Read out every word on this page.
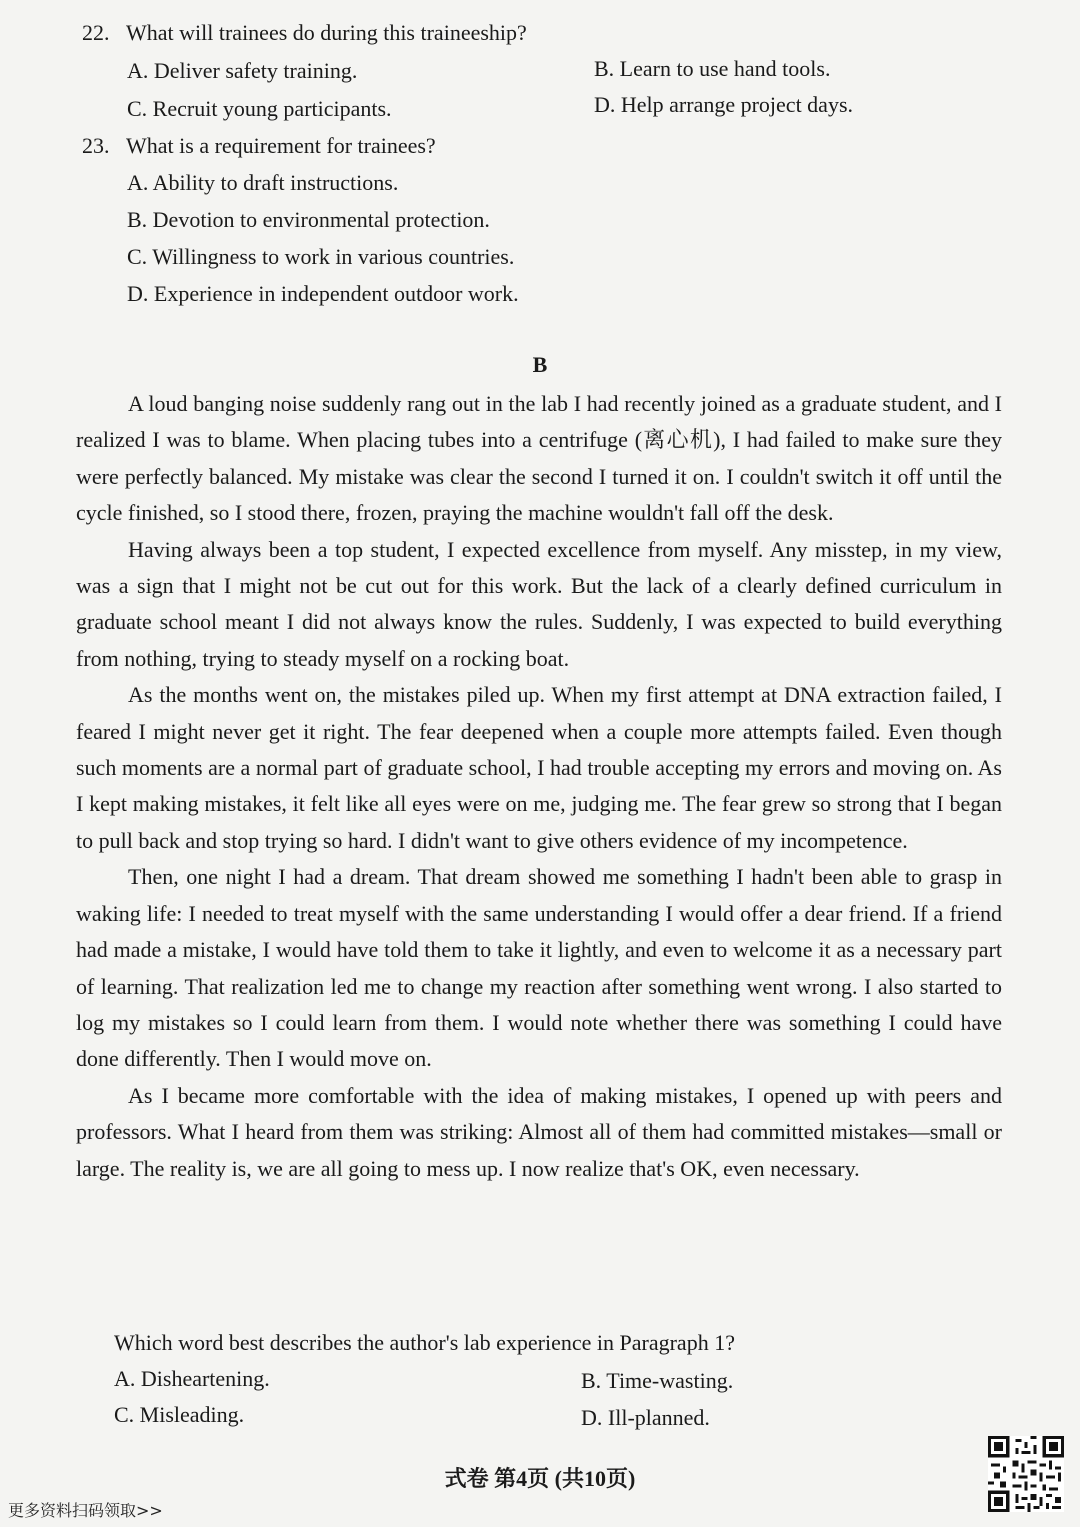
22. What will trainees do during this traineeship?
A. Deliver safety training.	B. Learn to use hand tools.
C. Recruit young participants.	D. Help arrange project days.
23. What is a requirement for trainees?
A. Ability to draft instructions.
B. Devotion to environmental protection.
C. Willingness to work in various countries.
D. Experience in independent outdoor work.
B

A loud banging noise suddenly rang out in the lab I had recently joined as a graduate student, and I realized I was to blame. When placing tubes into a centrifuge (离心机), I had failed to make sure they were perfectly balanced. My mistake was clear the second I turned it on. I couldn't switch it off until the cycle finished, so I stood there, frozen, praying the machine wouldn't fall off the desk.

Having always been a top student, I expected excellence from myself. Any misstep, in my view, was a sign that I might not be cut out for this work. But the lack of a clearly defined curriculum in graduate school meant I did not always know the rules. Suddenly, I was expected to build everything from nothing, trying to steady myself on a rocking boat.

As the months went on, the mistakes piled up. When my first attempt at DNA extraction failed, I feared I might never get it right. The fear deepened when a couple more attempts failed. Even though such moments are a normal part of graduate school, I had trouble accepting my errors and moving on. As I kept making mistakes, it felt like all eyes were on me, judging me. The fear grew so strong that I began to pull back and stop trying so hard. I didn't want to give others evidence of my incompetence.

Then, one night I had a dream. That dream showed me something I hadn't been able to grasp in waking life: I needed to treat myself with the same understanding I would offer a dear friend. If a friend had made a mistake, I would have told them to take it lightly, and even to welcome it as a necessary part of learning. That realization led me to change my reaction after something went wrong. I also started to log my mistakes so I could learn from them. I would note whether there was something I could have done differently. Then I would move on.

As I became more comfortable with the idea of making mistakes, I opened up with peers and professors. What I heard from them was striking: Almost all of them had committed mistakes—small or large. The reality is, we are all going to mess up. I now realize that's OK, even necessary.

Which word best describes the author's lab experience in Paragraph 1?
A. Disheartening.	B. Time-wasting.
C. Misleading.	D. Ill-planned.
式卷 第4页 (共10页)
更多资料扫码领取>>
